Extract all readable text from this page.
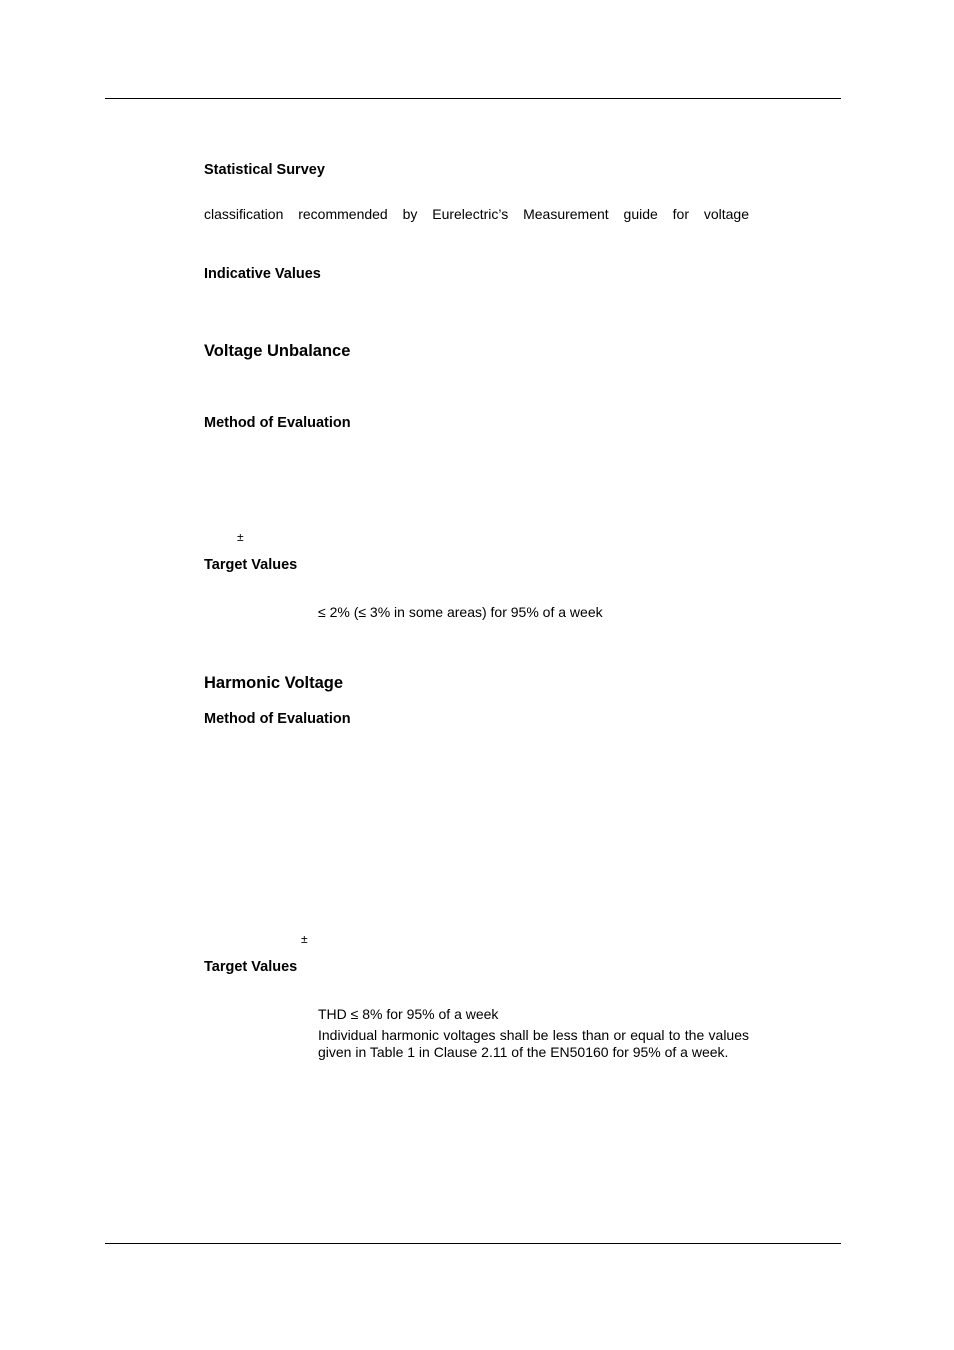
Statistical Survey
classification recommended by Eurelectric’s Measurement guide for voltage
Indicative Values
Voltage Unbalance
Method of Evaluation
±
Target Values
≤ 2% (≤ 3% in some areas) for 95% of a week
Harmonic Voltage
Method of Evaluation
±
Target Values
THD ≤ 8% for 95% of a week

Individual harmonic voltages shall be less than or equal to the values given in Table 1 in Clause 2.11 of the EN50160 for 95% of a week.
